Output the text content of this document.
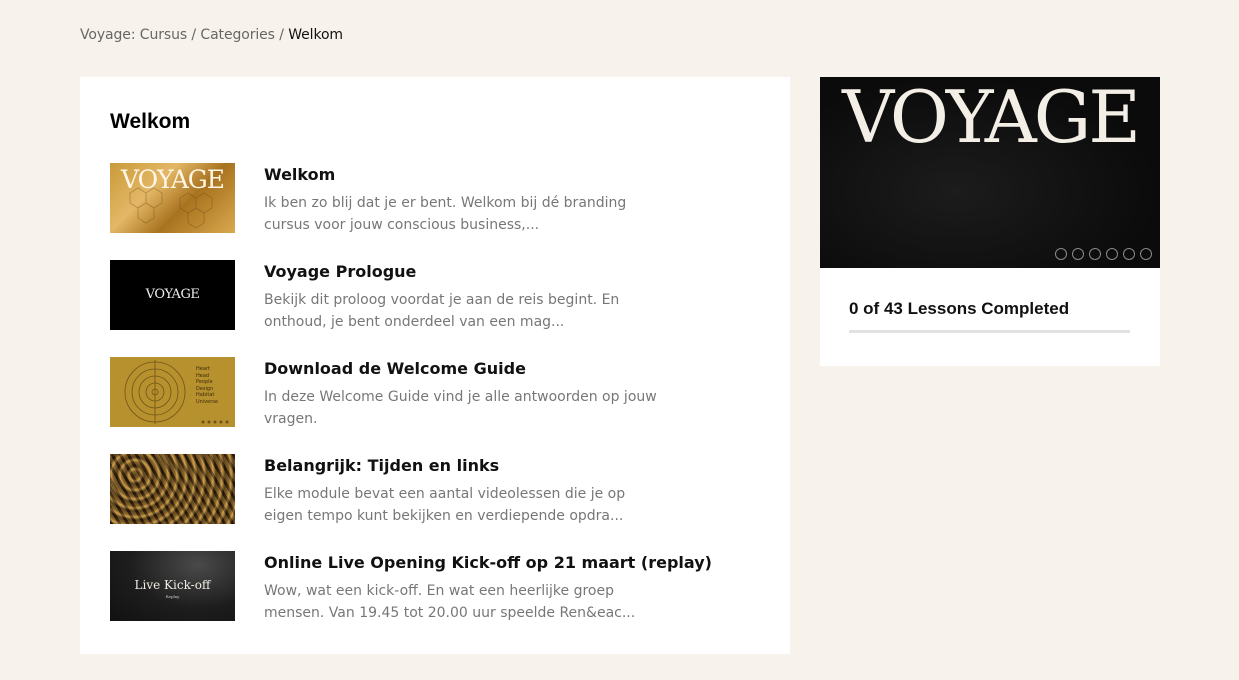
Voyage: Cursus / Categories / Welkom
Welkom
VOYAGE	Welkom
Ik ben zo blij dat je er bent. Welkom bij dé branding cursus voor jouw conscious business,...
VOYAGE
Voyage Prologue
Bekijk dit proloog voordat je aan de reis begint. En onthoud, je bent onderdeel van een mag...
Heart
Head
People
Design
Habitat
Universe
Download de Welcome Guide
In deze Welcome Guide vind je alle antwoorden op jouw vragen.
Belangrijk: Tijden en links
Elke module bevat een aantal videolessen die je op eigen tempo kunt bekijken en verdiepende opdra...
Live Kick-off
Replay
Online Live Opening Kick-off op 21 maart (replay)
Wow, wat een kick-off. En wat een heerlijke groep mensen. Van 19.45 tot 20.00 uur speelde Ren&eac...
VOYAGE
0 of 43 Lessons Completed
